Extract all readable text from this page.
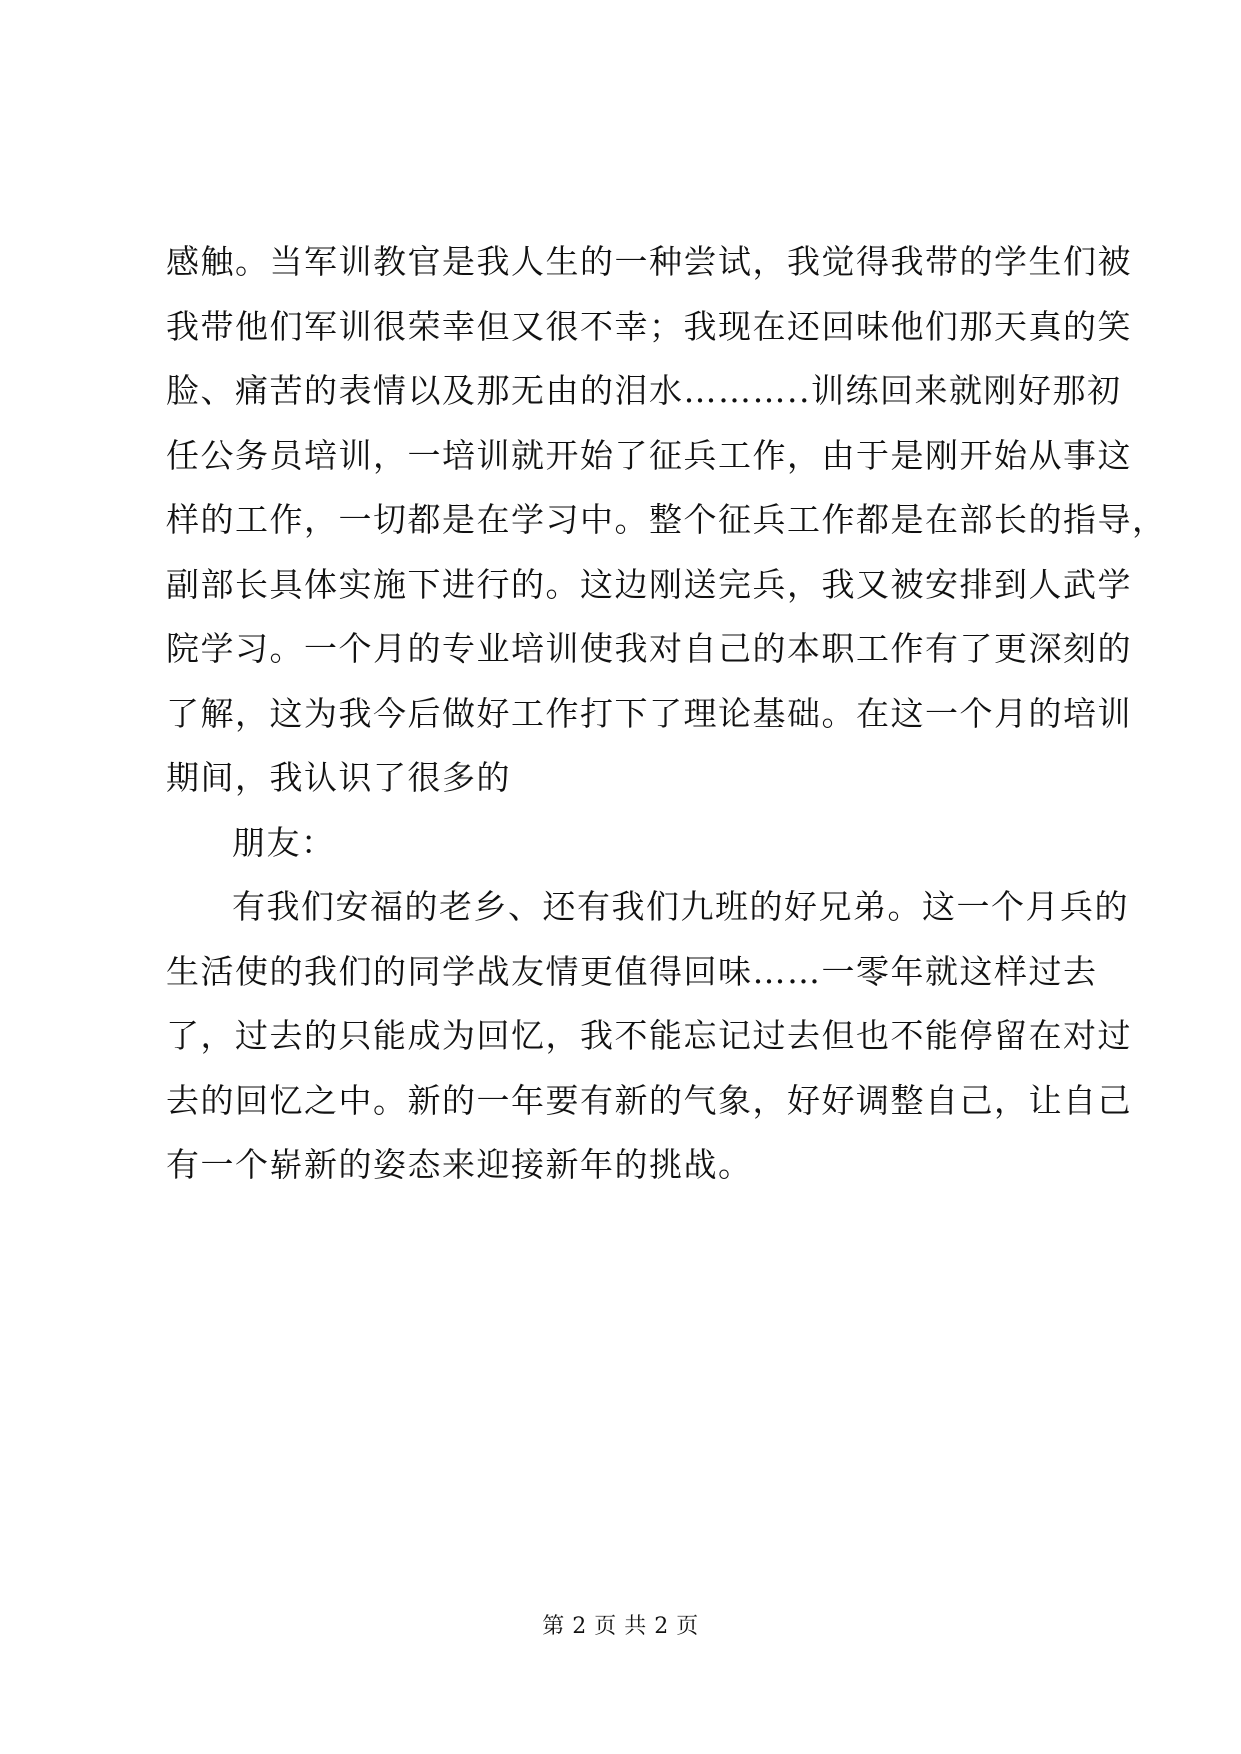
感触。当军训教官是我人生的一种尝试，我觉得我带的学生们被
我带他们军训很荣幸但又很不幸；我现在还回味他们那天真的笑
脸、痛苦的表情以及那无由的泪水………..训练回来就刚好那初
任公务员培训，一培训就开始了征兵工作，由于是刚开始从事这
样的工作，一切都是在学习中。整个征兵工作都是在部长的指导，
副部长具体实施下进行的。这边刚送完兵，我又被安排到人武学
院学习。一个月的专业培训使我对自己的本职工作有了更深刻的
了解，这为我今后做好工作打下了理论基础。在这一个月的培训
期间，我认识了很多的
朋友：
有我们安福的老乡、还有我们九班的好兄弟。这一个月兵的
生活使的我们的同学战友情更值得回味……一零年就这样过去
了，过去的只能成为回忆，我不能忘记过去但也不能停留在对过
去的回忆之中。新的一年要有新的气象，好好调整自己，让自己
有一个崭新的姿态来迎接新年的挑战。
第 2 页 共 2 页
